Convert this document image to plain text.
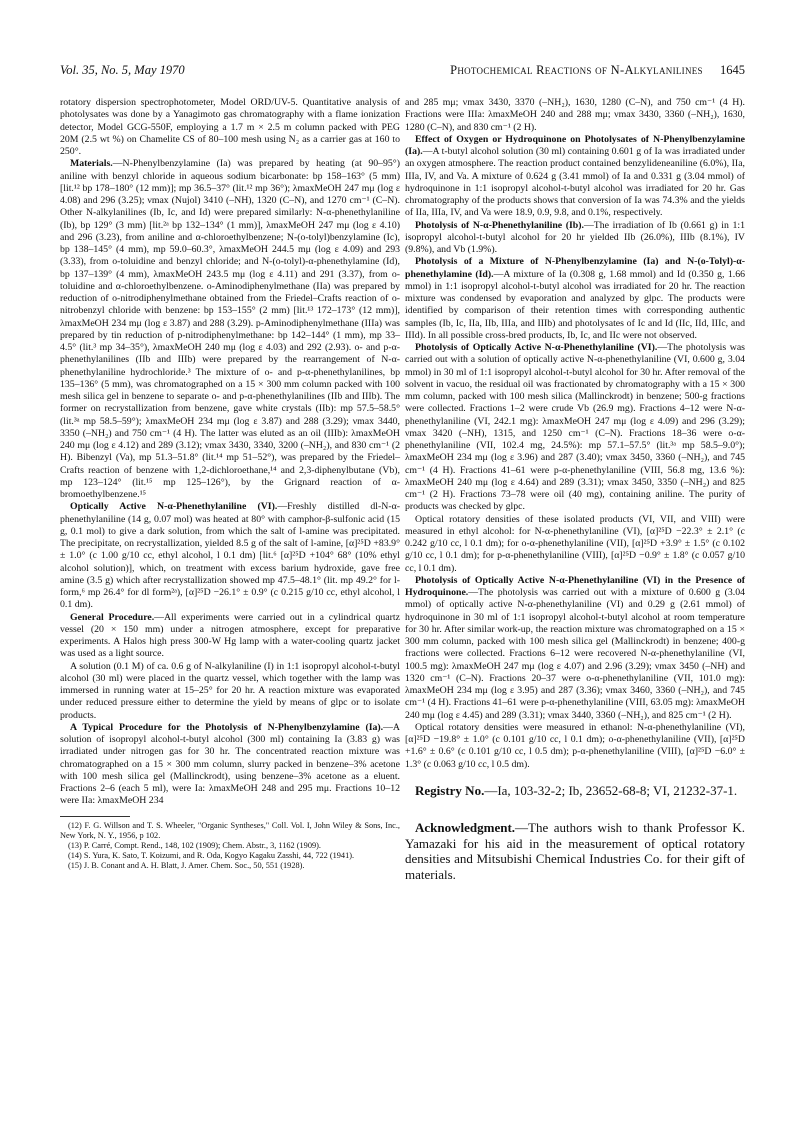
Vol. 35, No. 5, May 1970	Photochemical Reactions of N-Alkylanilines 1645

rotatory dispersion spectrophotometer, Model ORD/UV-5. Quantitative analysis of photolysates was done by a Yanagimoto gas chromatography with a flame ionization detector, Model GCG-550F, employing a 1.7 m × 2.5 m column packed with PEG 20M (2.5 wt %) on Chamelite CS of 80–100 mesh using N₂ as a carrier gas at 160 to 250°.

Materials.—N-Phenylbenzylamine (Ia) was prepared by heating (at 90–95°) aniline with benzyl chloride in aqueous sodium bicarbonate: bp 158–163° (5 mm) [lit.¹² bp 178–180° (12 mm)]; mp 36.5–37° (lit.¹² mp 36°); λmaxMeOH 247 mμ (log ε 4.08) and 296 (3.25); νmax (Nujol) 3410 (–NH), 1320 (C–N), and 1270 cm⁻¹ (C–N). Other N-alkylanilines (Ib, Ic, and Id) were prepared similarly: N-α-phenethylaniline (Ib), bp 129° (3 mm) [lit.²ᵃ bp 132–134° (1 mm)], λmaxMeOH 247 mμ (log ε 4.10) and 296 (3.23), from aniline and α-chloroethylbenzene; N-(o-tolyl)benzylamine (Ic), bp 138–145° (4 mm), mp 59.0–60.3°, λmaxMeOH 244.5 mμ (log ε 4.09) and 293 (3.33), from o-toluidine and benzyl chloride; and N-(o-tolyl)-α-phenethylamine (Id), bp 137–139° (4 mm), λmaxMeOH 243.5 mμ (log ε 4.11) and 291 (3.37), from o-toluidine and α-chloroethylbenzene. o-Aminodiphenylmethane (IIa) was prepared by reduction of o-nitrodiphenylmethane obtained from the Friedel–Crafts reaction of o-nitrobenzyl chloride with benzene: bp 153–155° (2 mm) [lit.¹³ 172–173° (12 mm)], λmaxMeOH 234 mμ (log ε 3.87) and 288 (3.29). p-Aminodiphenylmethane (IIIa) was prepared by tin reduction of p-nitrodiphenylmethane: bp 142–144° (1 mm), mp 33–4.5° (lit.³ mp 34–35°), λmaxMeOH 240 mμ (log ε 4.03) and 292 (2.93). o- and p-α-phenethylanilines (IIb and IIIb) were prepared by the rearrangement of N-α-phenethylaniline hydrochloride.³ The mixture of o- and p-α-phenethylanilines, bp 135–136° (5 mm), was chromatographed on a 15 × 300 mm column packed with 100 mesh silica gel in benzene to separate o- and p-α-phenethylanilines (IIb and IIIb). The former on recrystallization from benzene, gave white crystals (IIb): mp 57.5–58.5° (lit.³ᵃ mp 58.5–59°); λmaxMeOH 234 mμ (log ε 3.87) and 288 (3.29); νmax 3440, 3350 (–NH₂) and 750 cm⁻¹ (4 H). The latter was eluted as an oil (IIIb): λmaxMeOH 240 mμ (log ε 4.12) and 289 (3.12); νmax 3430, 3340, 3200 (–NH₂), and 830 cm⁻¹ (2 H). Bibenzyl (Va), mp 51.3–51.8° (lit.¹⁴ mp 51–52°), was prepared by the Friedel–Crafts reaction of benzene with 1,2-dichloroethane,¹⁴ and 2,3-diphenylbutane (Vb), mp 123–124° (lit.¹⁵ mp 125–126°), by the Grignard reaction of α-bromoethylbenzene.¹⁵

Optically Active N-α-Phenethylaniline (VI).—Freshly distilled dl-N-α-phenethylaniline (14 g, 0.07 mol) was heated at 80° with camphor-β-sulfonic acid (15 g, 0.1 mol) to give a dark solution, from which the salt of l-amine was precipitated. The precipitate, on recrystallization, yielded 8.5 g of the salt of l-amine, [α]²⁵D +83.9° ± 1.0° (c 1.00 g/10 cc, ethyl alcohol, l 0.1 dm) [lit.⁶ [α]²⁵D +104° 68° (10% ethyl alcohol solution)], which, on treatment with excess barium hydroxide, gave free amine (3.5 g) which after recrystallization showed mp 47.5–48.1° (lit. mp 49.2° for l-form,⁶ mp 26.4° for dl form²ᵃ), [α]²⁵D −26.1° ± 0.9° (c 0.215 g/10 cc, ethyl alcohol, l 0.1 dm).

General Procedure.—All experiments were carried out in a cylindrical quartz vessel (20 × 150 mm) under a nitrogen atmosphere, except for preparative experiments. A Halos high press 300-W Hg lamp with a water-cooling quartz jacket was used as a light source.

A solution (0.1 M) of ca. 0.6 g of N-alkylaniline (I) in 1:1 isopropyl alcohol-t-butyl alcohol (30 ml) were placed in the quartz vessel, which together with the lamp was immersed in running water at 15–25° for 20 hr. A reaction mixture was evaporated under reduced pressure either to determine the yield by means of glpc or to isolate products.

A Typical Procedure for the Photolysis of N-Phenylbenzylamine (Ia).—A solution of isopropyl alcohol-t-butyl alcohol (300 ml) containing Ia (3.83 g) was irradiated under nitrogen gas for 30 hr. The concentrated reaction mixture was chromatographed on a 15 × 300 mm column, slurry packed in benzene–3% acetone with 100 mesh silica gel (Mallinckrodt), using benzene–3% acetone as a eluent. Fractions 2–6 (each 5 ml), were Ia: λmaxMeOH 248 and 295 mμ. Fractions 10–12 were IIa: λmaxMeOH 234

(12) F. G. Willson and T. S. Wheeler, "Organic Syntheses," Coll. Vol. I, John Wiley & Sons, Inc., New York, N. Y., 1956, p 102.

(13) P. Carré, Compt. Rend., 148, 102 (1909); Chem. Abstr., 3, 1162 (1909).

(14) S. Yura, K. Sato, T. Koizumi, and R. Oda, Kogyo Kagaku Zasshi, 44, 722 (1941).

(15) J. B. Conant and A. H. Blatt, J. Amer. Chem. Soc., 50, 551 (1928).

and 285 mμ; νmax 3430, 3370 (–NH₂), 1630, 1280 (C–N), and 750 cm⁻¹ (4 H). Fractions were IIIa: λmaxMeOH 240 and 288 mμ; νmax 3430, 3360 (–NH₂), 1630, 1280 (C–N), and 830 cm⁻¹ (2 H).

Effect of Oxygen or Hydroquinone on Photolysates of N-Phenylbenzylamine (Ia).—A t-butyl alcohol solution (30 ml) containing 0.601 g of Ia was irradiated under an oxygen atmosphere. The reaction product contained benzylideneaniline (6.0%), IIa, IIIa, IV, and Va. A mixture of 0.624 g (3.41 mmol) of Ia and 0.331 g (3.04 mmol) of hydroquinone in 1:1 isopropyl alcohol-t-butyl alcohol was irradiated for 20 hr. Gas chromatography of the products shows that conversion of Ia was 74.3% and the yields of IIa, IIIa, IV, and Va were 18.9, 0.9, 9.8, and 0.1%, respectively.

Photolysis of N-α-Phenethylaniline (Ib).—The irradiation of Ib (0.661 g) in 1:1 isopropyl alcohol-t-butyl alcohol for 20 hr yielded IIb (26.0%), IIIb (8.1%), IV (9.8%), and Vb (1.9%).

Photolysis of a Mixture of N-Phenylbenzylamine (Ia) and N-(o-Tolyl)-α-phenethylamine (Id).—A mixture of Ia (0.308 g, 1.68 mmol) and Id (0.350 g, 1.66 mmol) in 1:1 isopropyl alcohol-t-butyl alcohol was irradiated for 20 hr. The reaction mixture was condensed by evaporation and analyzed by glpc. The products were identified by comparison of their retention times with corresponding authentic samples (Ib, Ic, IIa, IIb, IIIa, and IIIb) and photolysates of Ic and Id (IIc, IId, IIIc, and IIId). In all possible cross-bred products, Ib, Ic, and IIc were not observed.

Photolysis of Optically Active N-α-Phenethylaniline (VI).—The photolysis was carried out with a solution of optically active N-α-phenethylaniline (VI, 0.600 g, 3.04 mmol) in 30 ml of 1:1 isopropyl alcohol-t-butyl alcohol for 30 hr. After removal of the solvent in vacuo, the residual oil was fractionated by chromatography with a 15 × 300 mm column, packed with 100 mesh silica (Mallinckrodt) in benzene; 500-g fractions were collected. Fractions 1–2 were crude Vb (26.9 mg). Fractions 4–12 were N-α-phenethylaniline (VI, 242.1 mg): λmaxMeOH 247 mμ (log ε 4.09) and 296 (3.29); νmax 3420 (–NH), 1315, and 1250 cm⁻¹ (C–N). Fractions 18–36 were o-α-phenethylaniline (VII, 102.4 mg, 24.5%): mp 57.1–57.5° (lit.³ᵃ mp 58.5–9.0°); λmaxMeOH 234 mμ (log ε 3.96) and 287 (3.40); νmax 3450, 3360 (–NH₂), and 745 cm⁻¹ (4 H). Fractions 41–61 were p-α-phenethylaniline (VIII, 56.8 mg, 13.6 %): λmaxMeOH 240 mμ (log ε 4.64) and 289 (3.31); νmax 3450, 3350 (–NH₂) and 825 cm⁻¹ (2 H). Fractions 73–78 were oil (40 mg), containing aniline. The purity of products was checked by glpc.

Optical rotatory densities of these isolated products (VI, VII, and VIII) were measured in ethyl alcohol: for N-α-phenethylaniline (VI), [α]²⁵D −22.3° ± 2.1° (c 0.242 g/10 cc, l 0.1 dm); for o-α-phenethylaniline (VII), [α]²⁵D +3.9° ± 1.5° (c 0.102 g/10 cc, l 0.1 dm); for p-α-phenethylaniline (VIII), [α]²⁵D −0.9° ± 1.8° (c 0.057 g/10 cc, l 0.1 dm).

Photolysis of Optically Active N-α-Phenethylaniline (VI) in the Presence of Hydroquinone.—The photolysis was carried out with a mixture of 0.600 g (3.04 mmol) of optically active N-α-phenethylaniline (VI) and 0.29 g (2.61 mmol) of hydroquinone in 30 ml of 1:1 isopropyl alcohol-t-butyl alcohol at room temperature for 30 hr. After similar work-up, the reaction mixture was chromatographed on a 15 × 300 mm column, packed with 100 mesh silica gel (Mallinckrodt) in benzene; 400-g fractions were collected. Fractions 6–12 were recovered N-α-phenethylaniline (VI, 100.5 mg): λmaxMeOH 247 mμ (log ε 4.07) and 2.96 (3.29); νmax 3450 (–NH) and 1320 cm⁻¹ (C–N). Fractions 20–37 were o-α-phenethylaniline (VII, 101.0 mg): λmaxMeOH 234 mμ (log ε 3.95) and 287 (3.36); νmax 3460, 3360 (–NH₂), and 745 cm⁻¹ (4 H). Fractions 41–61 were p-α-phenethylaniline (VIII, 63.05 mg): λmaxMeOH 240 mμ (log ε 4.45) and 289 (3.31); νmax 3440, 3360 (–NH₂), and 825 cm⁻¹ (2 H).

Optical rotatory densities were measured in ethanol: N-α-phenethylaniline (VI), [α]²⁵D −19.8° ± 1.0° (c 0.101 g/10 cc, l 0.1 dm); o-α-phenethylaniline (VII), [α]²⁵D +1.6° ± 0.6° (c 0.101 g/10 cc, l 0.5 dm); p-α-phenethylaniline (VIII), [α]²⁵D −6.0° ± 1.3° (c 0.063 g/10 cc, l 0.5 dm).

Registry No.—Ia, 103-32-2; Ib, 23652-68-8; VI, 21232-37-1.

Acknowledgment.—The authors wish to thank Professor K. Yamazaki for his aid in the measurement of optical rotatory densities and Mitsubishi Chemical Industries Co. for their gift of materials.
